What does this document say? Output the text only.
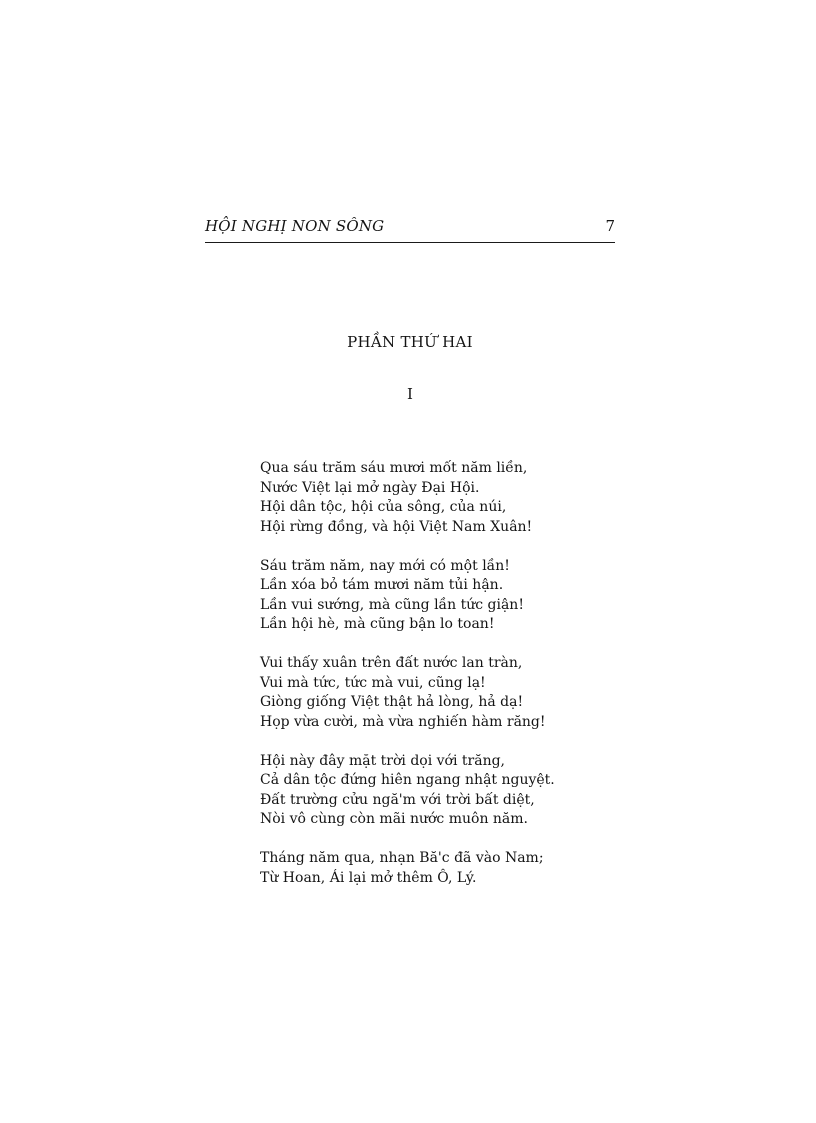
HỘI NGHỊ NON SÔNG	7
PHẦN THỨ HAI
I
Qua sáu trăm sáu mươi mốt năm liền,
Nước Việt lại mở ngày Đại Hội.
Hội dân tộc, hội của sông, của núi,
Hội rừng đồng, và hội Việt Nam Xuân!
Sáu trăm năm, nay mới có một lần!
Lần xóa bỏ tám mươi năm tủi hận.
Lần vui sướng, mà cũng lần tức giận!
Lần hội hè, mà cũng bận lo toan!
Vui thấy xuân trên đất nước lan tràn,
Vui mà tức, tức mà vui, cũng lạ!
Giòng giống Việt thật hả lòng, hả dạ!
Họp vừa cười, mà vừa nghiến hàm răng!
Hội này đây mặt trời dọi với trăng,
Cả dân tộc đứng hiên ngang nhật nguyệt.
Đất trường cửu ngă'm với trời bất diệt,
Nòi vô cùng còn mãi nước muôn năm.
Tháng năm qua, nhạn Bă'c đã vào Nam;
Từ Hoan, Ái lại mở thêm Ô, Lý.
